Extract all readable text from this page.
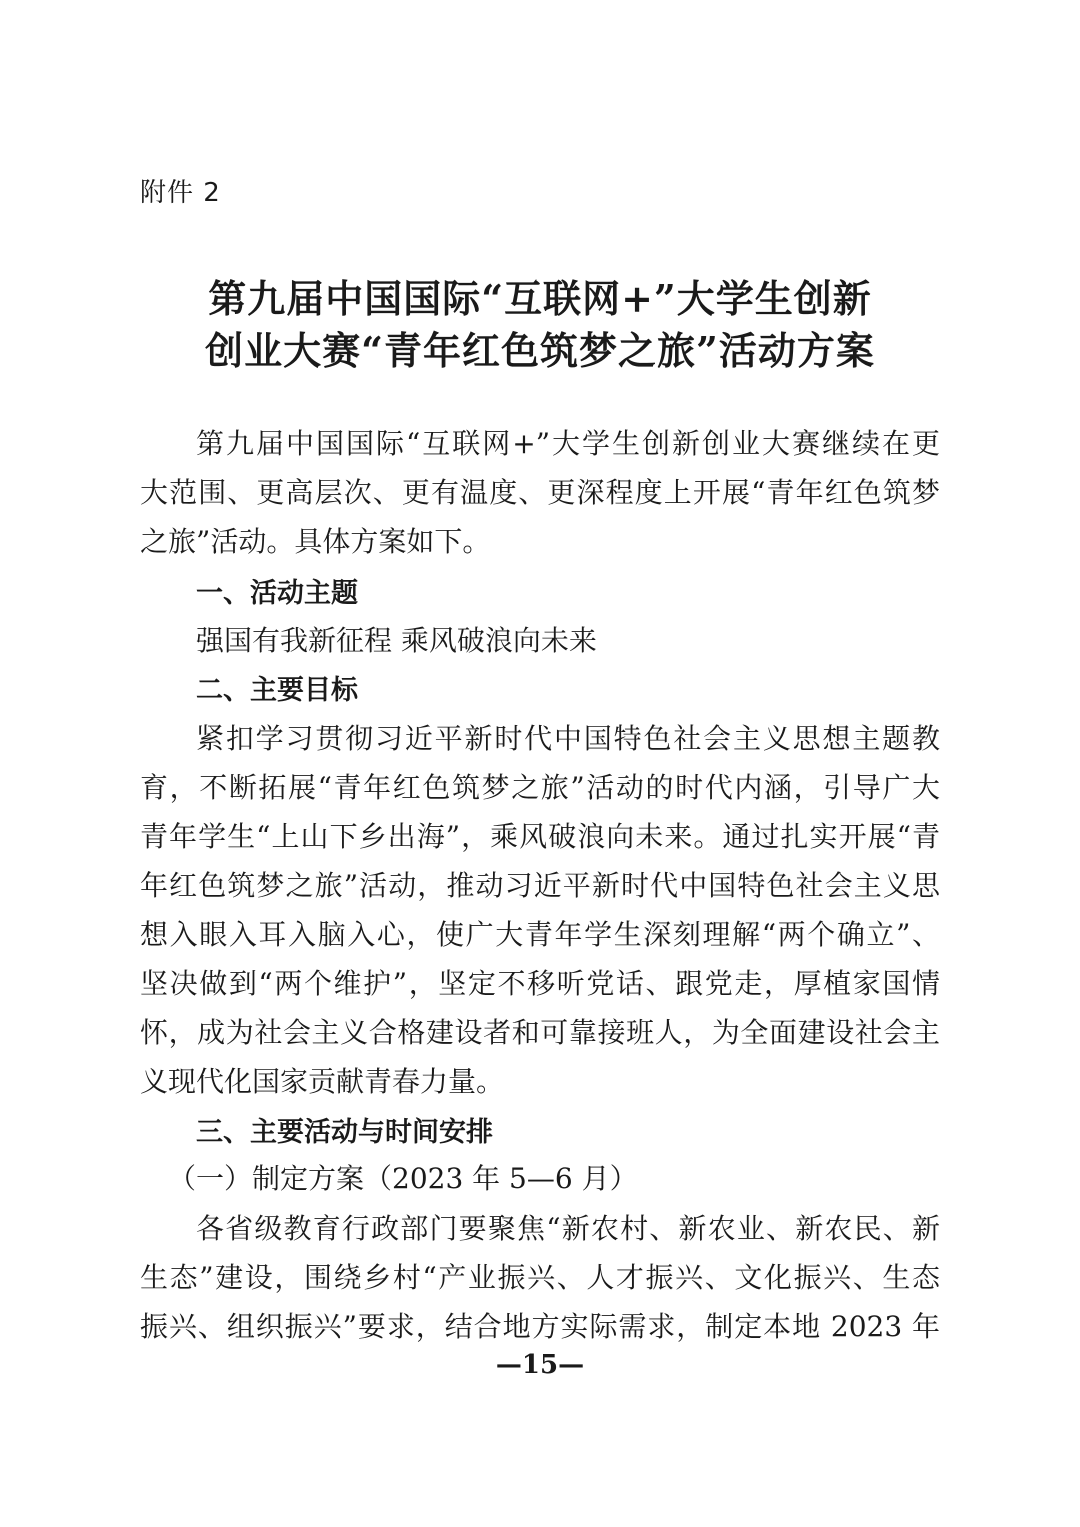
附件 2
第九届中国国际“互联网+”大学生创新
创业大赛“青年红色筑梦之旅”活动方案
第九届中国国际“互联网+”大学生创新创业大赛继续在更
大范围、更高层次、更有温度、更深程度上开展“青年红色筑梦
之旅”活动。具体方案如下。
一、活动主题
强国有我新征程 乘风破浪向未来
二、主要目标
紧扣学习贯彻习近平新时代中国特色社会主义思想主题教
育，不断拓展“青年红色筑梦之旅”活动的时代内涵，引导广大
青年学生“上山下乡出海”，乘风破浪向未来。通过扎实开展“青
年红色筑梦之旅”活动，推动习近平新时代中国特色社会主义思
想入眼入耳入脑入心，使广大青年学生深刻理解“两个确立”、
坚决做到“两个维护”，坚定不移听党话、跟党走，厚植家国情
怀，成为社会主义合格建设者和可靠接班人，为全面建设社会主
义现代化国家贡献青春力量。
三、主要活动与时间安排
（一）制定方案（2023 年 5—6 月）
各省级教育行政部门要聚焦“新农村、新农业、新农民、新
生态”建设，围绕乡村“产业振兴、人才振兴、文化振兴、生态
振兴、组织振兴”要求，结合地方实际需求，制定本地 2023 年
—15—
